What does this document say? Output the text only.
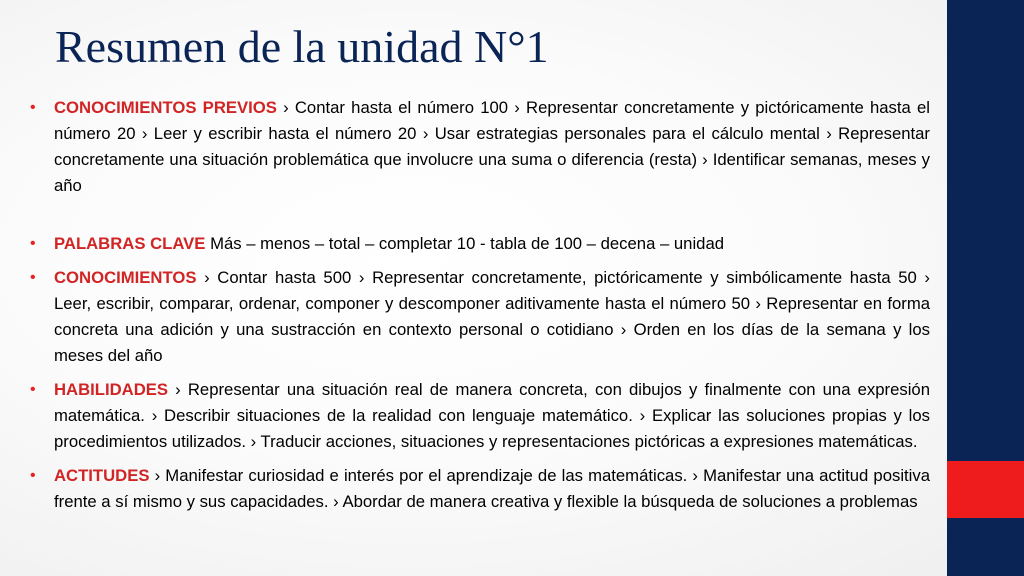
Resumen de la unidad N°1
• CONOCIMIENTOS PREVIOS › Contar hasta el número 100 › Representar concretamente y pictóricamente hasta el número 20 › Leer y escribir hasta el número 20 › Usar estrategias personales para el cálculo mental › Representar concretamente una situación problemática que involucre una suma o diferencia (resta) › Identificar semanas, meses y año
• PALABRAS CLAVE Más – menos – total – completar 10 - tabla de 100 – decena – unidad
• CONOCIMIENTOS › Contar hasta 500 › Representar concretamente, pictóricamente y simbólicamente hasta 50 › Leer, escribir, comparar, ordenar, componer y descomponer aditivamente hasta el número 50 › Representar en forma concreta una adición y una sustracción en contexto personal o cotidiano › Orden en los días de la semana y los meses del año
• HABILIDADES › Representar una situación real de manera concreta, con dibujos y finalmente con una expresión matemática. › Describir situaciones de la realidad con lenguaje matemático. › Explicar las soluciones propias y los procedimientos utilizados. › Traducir acciones, situaciones y representaciones pictóricas a expresiones matemáticas.
• ACTITUDES › Manifestar curiosidad e interés por el aprendizaje de las matemáticas. › Manifestar una actitud positiva frente a sí mismo y sus capacidades. › Abordar de manera creativa y flexible la búsqueda de soluciones a problemas
